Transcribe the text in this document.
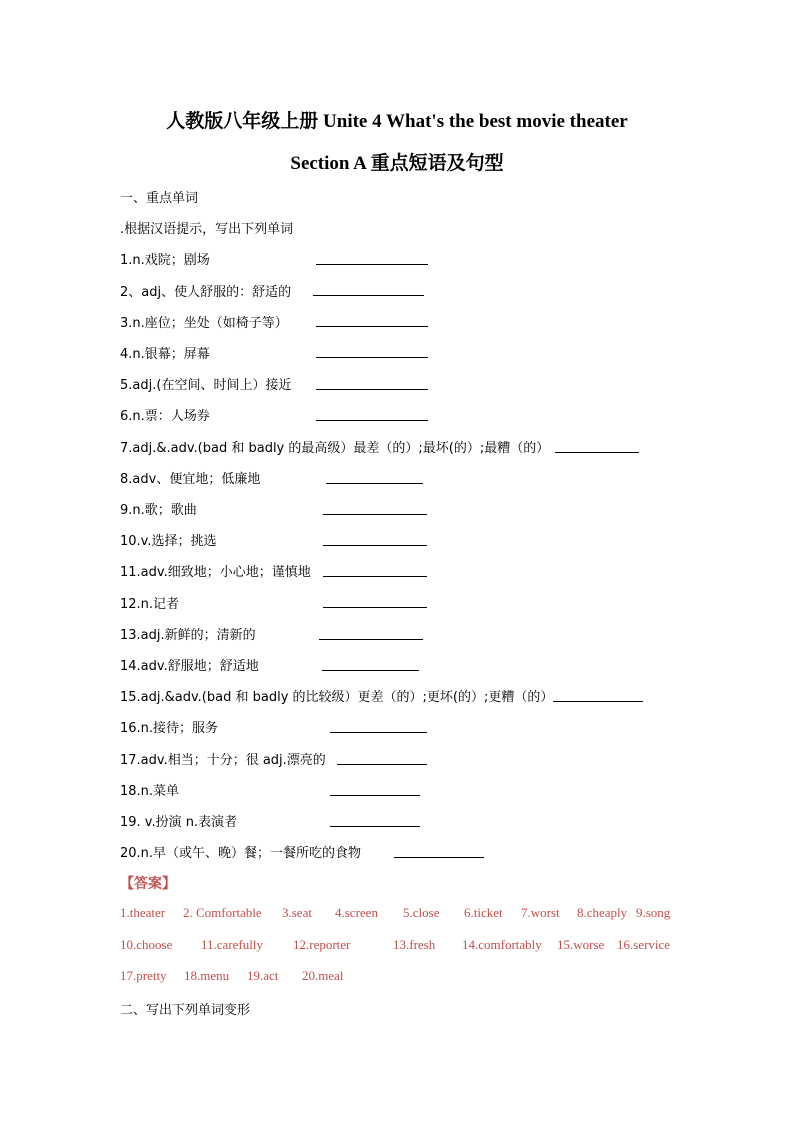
人教版八年级上册 Unite 4 What's the best movie theater
Section A 重点短语及句型
一、重点单词
.根据汉语提示，写出下列单词
1.n.戏院；剧场
2、adj、使人舒服的：舒适的
3.n.座位；坐处（如椅子等）
4.n.银幕；屏幕
5.adj.(在空间、时间上）接近
6.n.票：人场券
7.adj.&.adv.(bad 和 badly 的最高级）最差（的）;最坏(的）;最糟（的）
8.adv、便宜地；低廉地
9.n.歌；歌曲
10.v.选择；挑选
11.adv.细致地；小心地；谨慎地
12.n.记者
13.adj.新鲜的；清新的
14.adv.舒服地；舒适地
15.adj.&adv.(bad 和 badly 的比较级）更差（的）;更坏(的）;更糟（的）
16.n.接待；服务
17.adv.相当；十分；很 adj.漂亮的
18.n.菜单
19. v.扮演 n.表演者
20.n.早（或午、晚）餐；一餐所吃的食物
【答案】
1.theater 2. Comfortable 3.seat 4.screen 5.close 6.ticket 7.worst 8.cheaply 9.song
10.choose 11.carefully 12.reporter	13.fresh 14.comfortably 15.worse 16.service
17.pretty 18.menu 19.act 20.meal
二、写出下列单词变形
